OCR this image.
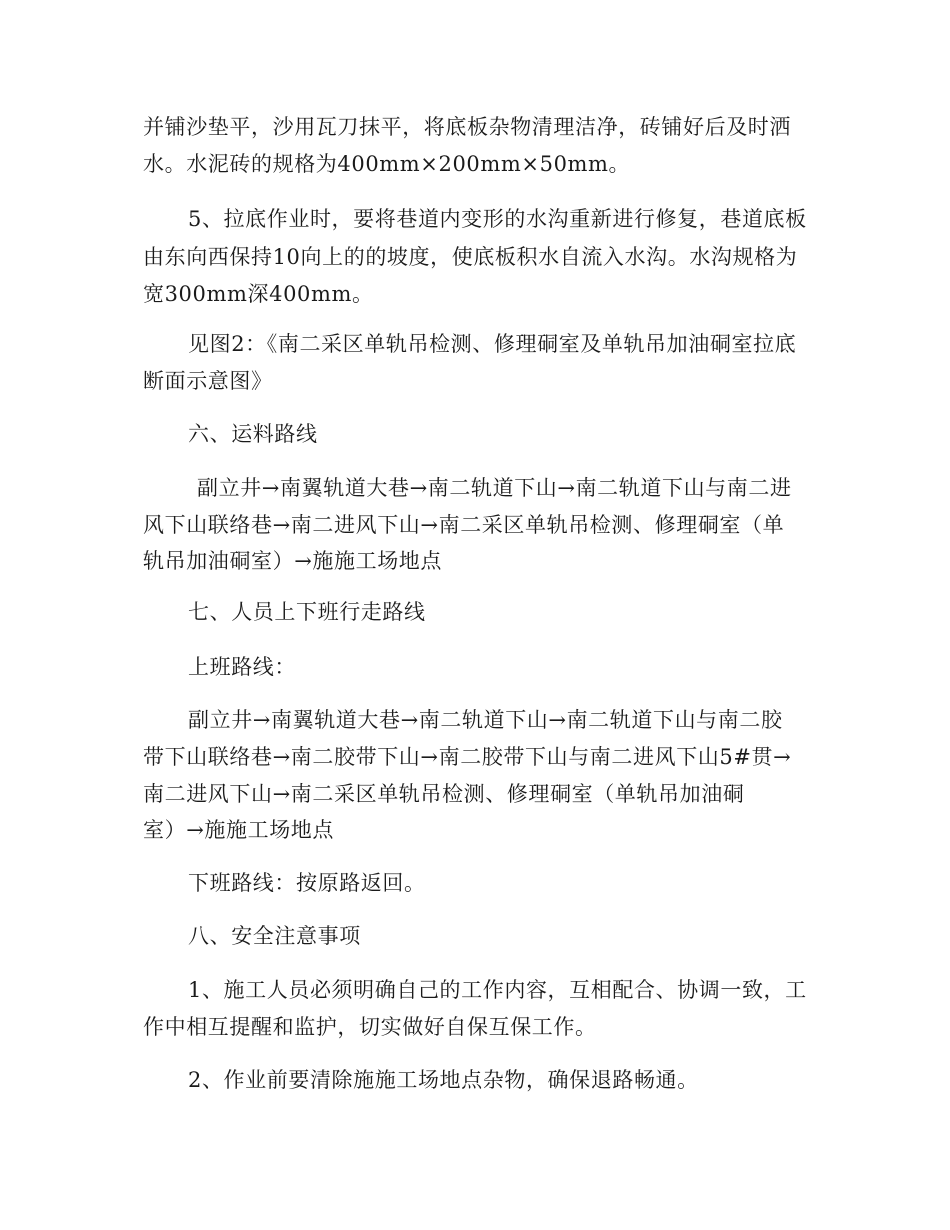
并铺沙垫平，沙用瓦刀抹平，将底板杂物清理洁净，砖铺好后及时洒
水。水泥砖的规格为400mm×200mm×50mm。
5、拉底作业时，要将巷道内变形的水沟重新进行修复，巷道底板
由东向西保持10向上的的坡度，使底板积水自流入水沟。水沟规格为
宽300mm深400mm。
见图2：《南二采区单轨吊检测、修理硐室及单轨吊加油硐室拉底
断面示意图》
六、运料路线
副立井→南翼轨道大巷→南二轨道下山→南二轨道下山与南二进
风下山联络巷→南二进风下山→南二采区单轨吊检测、修理硐室（单
轨吊加油硐室）→施施工场地点
七、人员上下班行走路线
上班路线：
副立井→南翼轨道大巷→南二轨道下山→南二轨道下山与南二胶
带下山联络巷→南二胶带下山→南二胶带下山与南二进风下山5#贯→
南二进风下山→南二采区单轨吊检测、修理硐室（单轨吊加油硐
室）→施施工场地点
下班路线：按原路返回。
八、安全注意事项
1、施工人员必须明确自己的工作内容，互相配合、协调一致，工
作中相互提醒和监护，切实做好自保互保工作。
2、作业前要清除施施工场地点杂物，确保退路畅通。
